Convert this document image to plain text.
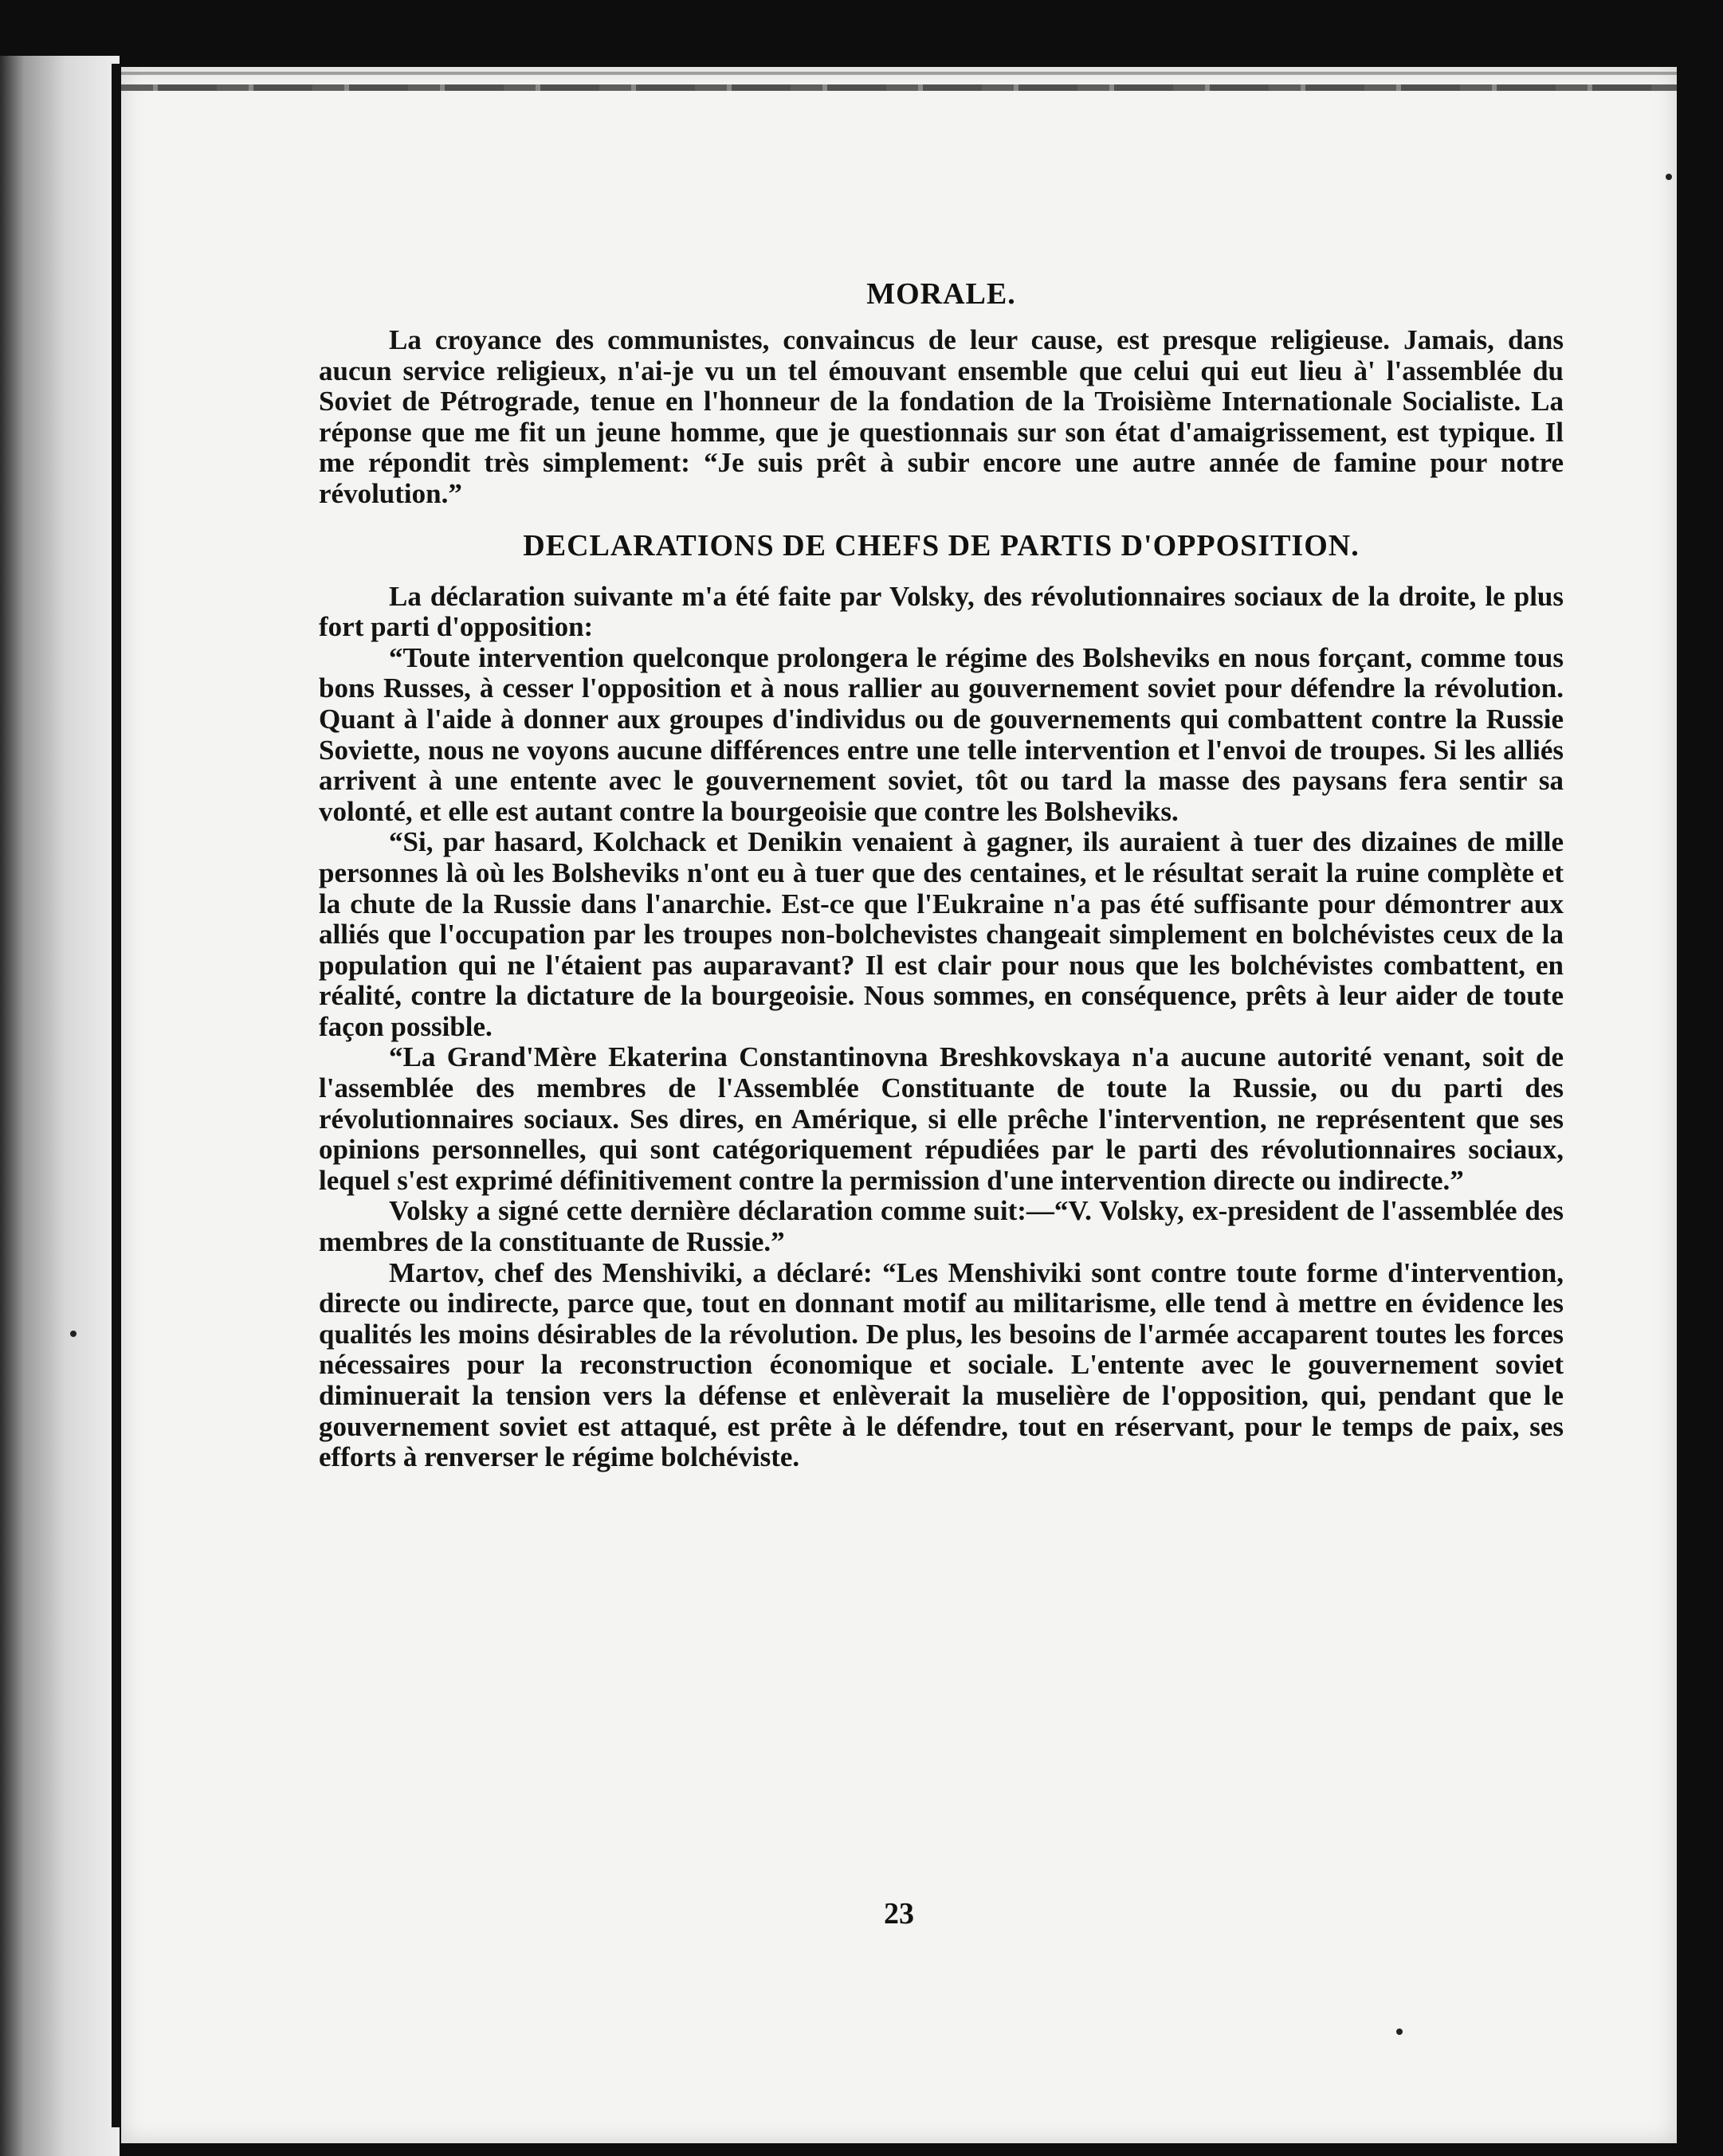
MORALE.

La croyance des communistes, convaincus de leur cause, est presque religieuse. Jamais, dans aucun service religieux, n'ai-je vu un tel émouvant ensemble que celui qui eut lieu à' l'assemblée du Soviet de Pétrograde, tenue en l'honneur de la fondation de la Troisième Internationale Socialiste. La réponse que me fit un jeune homme, que je questionnais sur son état d'amaigrissement, est typique. Il me répondit très simplement: “Je suis prêt à subir encore une autre année de famine pour notre révolution.”

DECLARATIONS DE CHEFS DE PARTIS D'OPPOSITION.

La déclaration suivante m'a été faite par Volsky, des révolutionnaires sociaux de la droite, le plus fort parti d'opposition:

“Toute intervention quelconque prolongera le régime des Bolsheviks en nous forçant, comme tous bons Russes, à cesser l'opposition et à nous rallier au gouvernement soviet pour défendre la révolution. Quant à l'aide à donner aux groupes d'individus ou de gouvernements qui combattent contre la Russie Soviette, nous ne voyons aucune différences entre une telle intervention et l'envoi de troupes. Si les alliés arrivent à une entente avec le gouvernement soviet, tôt ou tard la masse des paysans fera sentir sa volonté, et elle est autant contre la bourgeoisie que contre les Bolsheviks.

“Si, par hasard, Kolchack et Denikin venaient à gagner, ils auraient à tuer des dizaines de mille personnes là où les Bolsheviks n'ont eu à tuer que des centaines, et le résultat serait la ruine complète et la chute de la Russie dans l'anarchie. Est-ce que l'Eukraine n'a pas été suffisante pour démontrer aux alliés que l'occupation par les troupes non-bolchevistes changeait simplement en bolchévistes ceux de la population qui ne l'étaient pas auparavant? Il est clair pour nous que les bolchévistes combattent, en réalité, contre la dictature de la bourgeoisie. Nous sommes, en conséquence, prêts à leur aider de toute façon possible.

“La Grand'Mère Ekaterina Constantinovna Breshkovskaya n'a aucune autorité venant, soit de l'assemblée des membres de l'Assemblée Constituante de toute la Russie, ou du parti des révolutionnaires sociaux. Ses dires, en Amérique, si elle prêche l'intervention, ne représentent que ses opinions personnelles, qui sont catégoriquement répudiées par le parti des révolutionnaires sociaux, lequel s'est exprimé définitivement contre la permission d'une intervention directe ou indirecte.”

Volsky a signé cette dernière déclaration comme suit:—“V. Volsky, ex-president de l'assemblée des membres de la constituante de Russie.”

Martov, chef des Menshiviki, a déclaré: “Les Menshiviki sont contre toute forme d'intervention, directe ou indirecte, parce que, tout en donnant motif au militarisme, elle tend à mettre en évidence les qualités les moins désirables de la révolution. De plus, les besoins de l'armée accaparent toutes les forces nécessaires pour la reconstruction économique et sociale. L'entente avec le gouvernement soviet diminuerait la tension vers la défense et enlèverait la muselière de l'opposition, qui, pendant que le gouvernement soviet est attaqué, est prête à le défendre, tout en réservant, pour le temps de paix, ses efforts à renverser le régime bolchéviste.

23
